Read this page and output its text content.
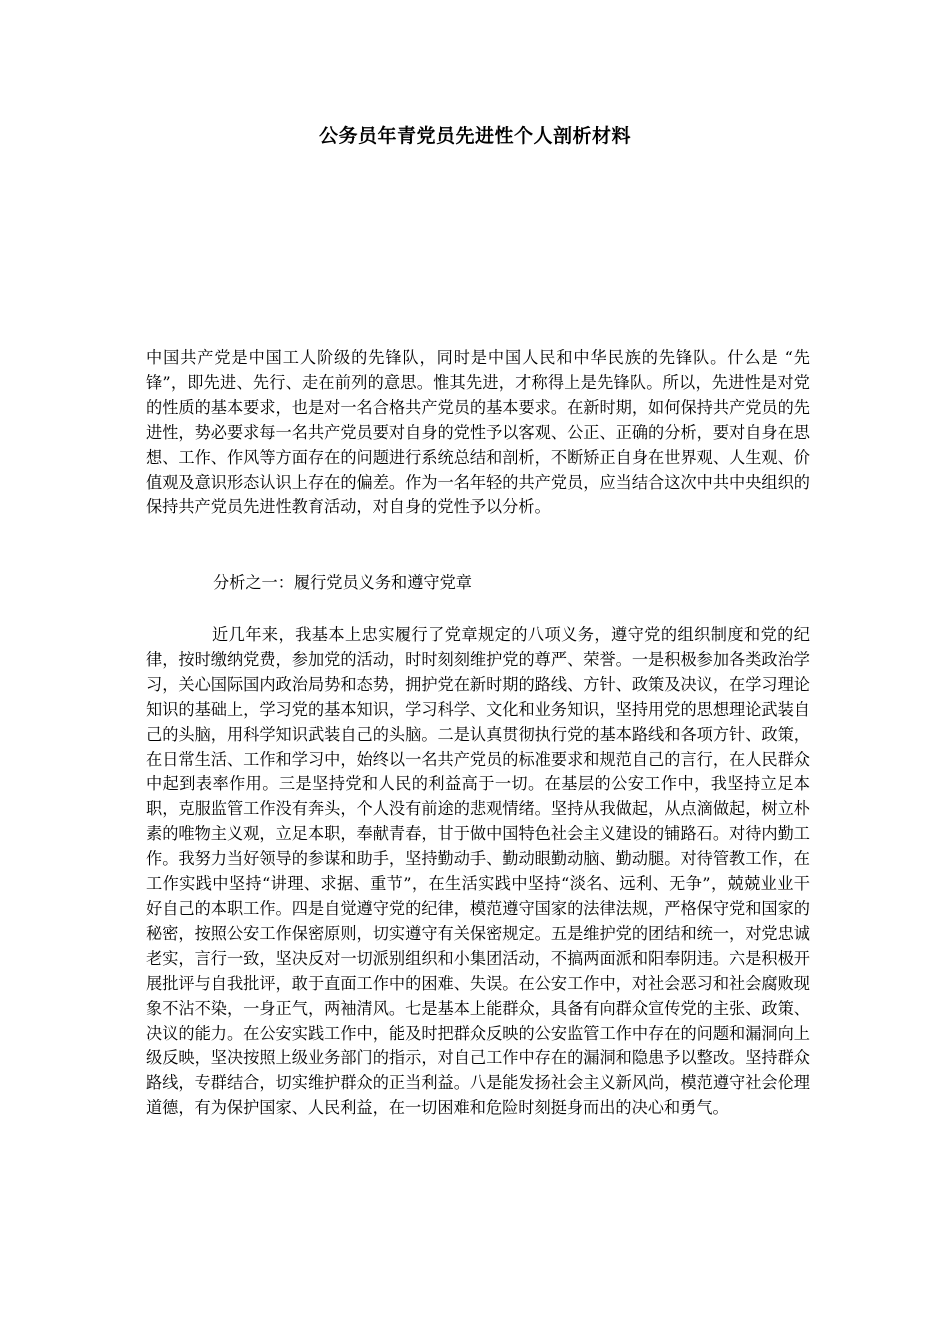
公务员年青党员先进性个人剖析材料

中国共产党是中国工人阶级的先锋队，同时是中国人民和中华民族的先锋队。什么是 “先锋”，即先进、先行、走在前列的意思。惟其先进，才称得上是先锋队。所以，先进性是对党的性质的基本要求，也是对一名合格共产党员的基本要求。在新时期，如何保持共产党员的先进性，势必要求每一名共产党员要对自身的党性予以客观、公正、正确的分析，要对自身在思想、工作、作风等方面存在的问题进行系统总结和剖析，不断矫正自身在世界观、人生观、价值观及意识形态认识上存在的偏差。作为一名年轻的共产党员，应当结合这次中共中央组织的保持共产党员先进性教育活动，对自身的党性予以分析。

分析之一：履行党员义务和遵守党章

近几年来，我基本上忠实履行了党章规定的八项义务，遵守党的组织制度和党的纪律，按时缴纳党费，参加党的活动，时时刻刻维护党的尊严、荣誉。一是积极参加各类政治学习，关心国际国内政治局势和态势，拥护党在新时期的路线、方针、政策及决议，在学习理论知识的基础上，学习党的基本知识，学习科学、文化和业务知识，坚持用党的思想理论武装自己的头脑，用科学知识武装自己的头脑。二是认真贯彻执行党的基本路线和各项方针、政策，在日常生活、工作和学习中，始终以一名共产党员的标准要求和规范自己的言行，在人民群众中起到表率作用。三是坚持党和人民的利益高于一切。在基层的公安工作中，我坚持立足本职，克服监管工作没有奔头，个人没有前途的悲观情绪。坚持从我做起，从点滴做起，树立朴素的唯物主义观，立足本职，奉献青春，甘于做中国特色社会主义建设的铺路石。对待内勤工作。我努力当好领导的参谋和助手，坚持勤动手、勤动眼勤动脑、勤动腿。对待管教工作，在工作实践中坚持“讲理、求据、重节”，在生活实践中坚持“淡名、远利、无争”，兢兢业业干好自己的本职工作。四是自觉遵守党的纪律，模范遵守国家的法律法规，严格保守党和国家的秘密，按照公安工作保密原则，切实遵守有关保密规定。五是维护党的团结和统一，对党忠诚老实，言行一致，坚决反对一切派别组织和小集团活动，不搞两面派和阳奉阴违。六是积极开展批评与自我批评，敢于直面工作中的困难、失误。在公安工作中，对社会恶习和社会腐败现象不沾不染，一身正气，两袖清风。七是基本上能群众，具备有向群众宣传党的主张、政策、决议的能力。在公安实践工作中，能及时把群众反映的公安监管工作中存在的问题和漏洞向上级反映，坚决按照上级业务部门的指示，对自己工作中存在的漏洞和隐患予以整改。坚持群众路线，专群结合，切实维护群众的正当利益。八是能发扬社会主义新风尚，模范遵守社会伦理道德，有为保护国家、人民利益，在一切困难和危险时刻挺身而出的决心和勇气。
